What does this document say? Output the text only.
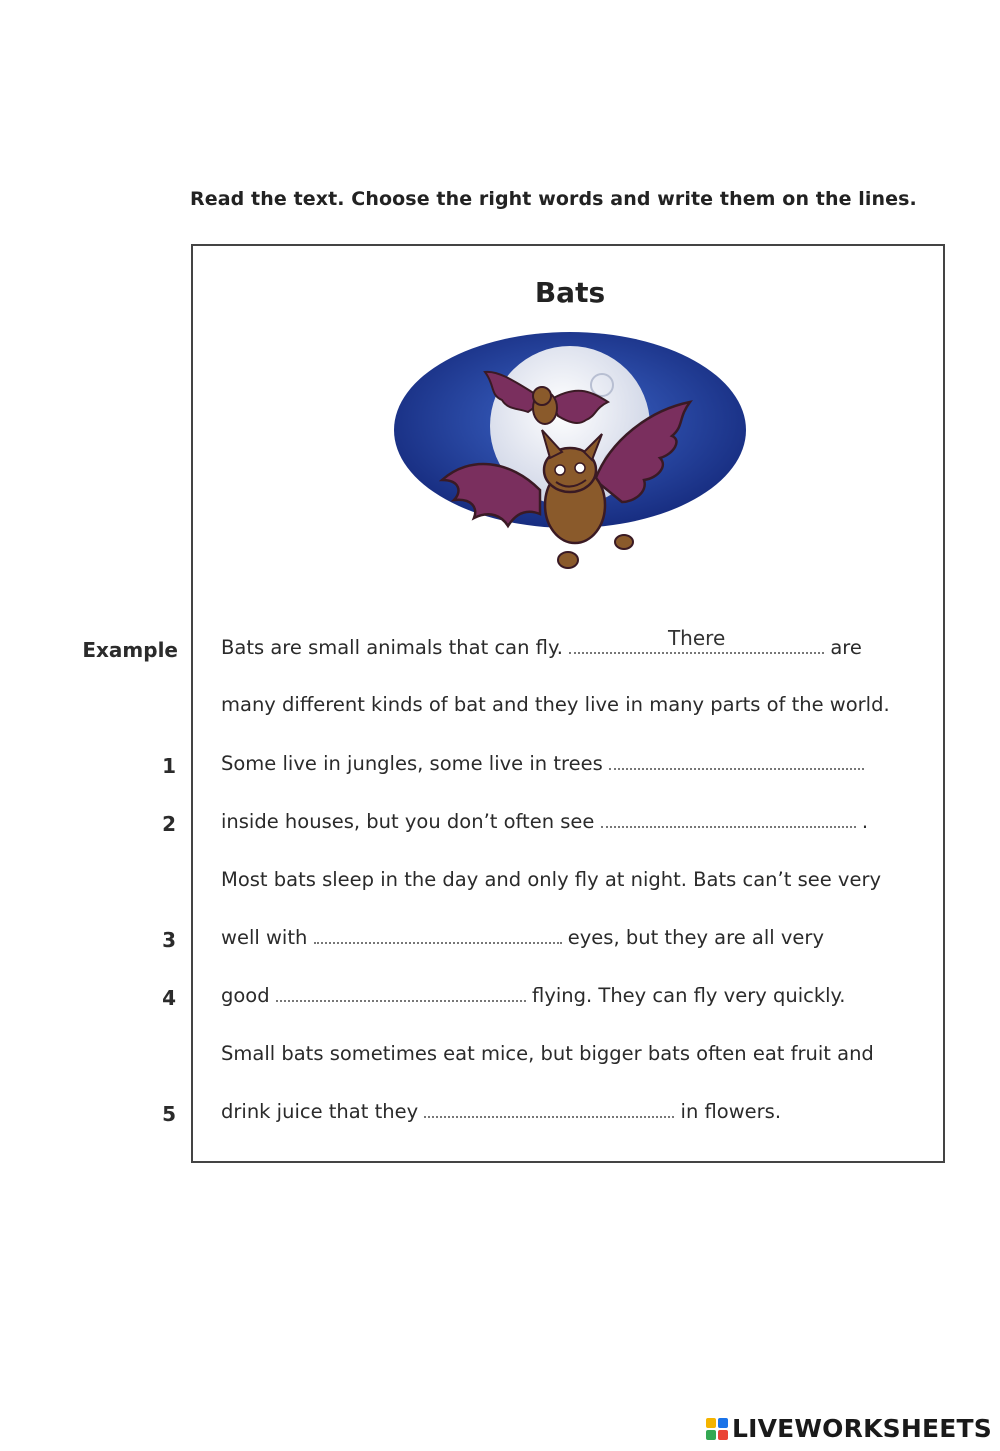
Read the text. Choose the right words and write them on the lines.
Bats
Example
1
2
3
4
5
Bats are small animals that can fly.	There	are
many different kinds of bat and they live in many parts of the world.
Some live in jungles, some live in trees
inside houses, but you don’t often see	.
Most bats sleep in the day and only fly at night. Bats can’t see very
well with	eyes, but they are all very
good	flying. They can fly very quickly.
Small bats sometimes eat mice, but bigger bats often eat fruit and
drink juice that they	in flowers.
LIVEWORKSHEETS
